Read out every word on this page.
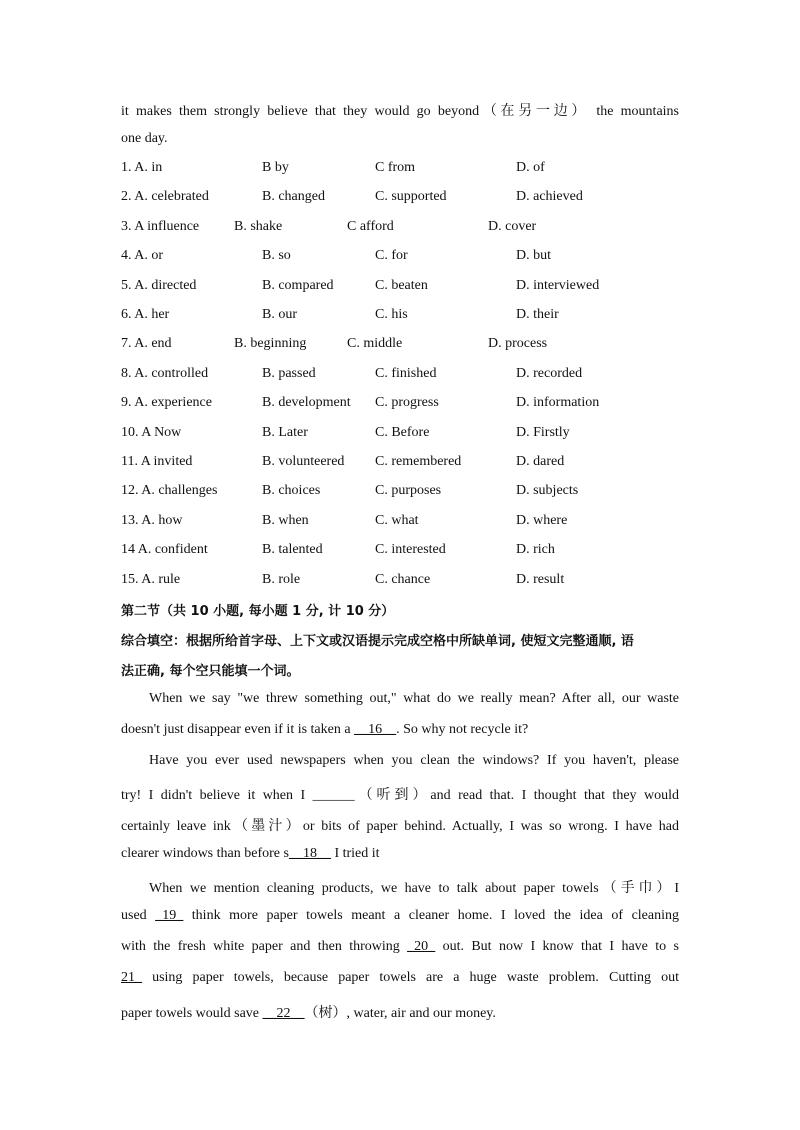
it makes them strongly believe that they would go beyond（在另一边） the mountains
one day.
1. A. in	B by	C from	D. of
2. A. celebrated	B. changed	C. supported	D. achieved
3. A influence B. shake	C afford	D. cover
4. A. or	B. so	C. for	D. but
5. A. directed	B. compared	C. beaten	D. interviewed
6. A. her	B. our	C. his	D. their
7. A. end	B. beginning	C. middle	D. process
8. A. controlled	B. passed	C. finished	D. recorded
9. A. experience	B. development C. progress	D. information
10. A Now	B. Later	C. Before	D. Firstly
11. A invited	B. volunteered C. remembered	D. dared
12. A. challenges	B. choices	C. purposes	D. subjects
13. A. how	B. when	C. what	D. where
14 A. confident	B. talented	C. interested	D. rich
15. A. rule	B. role	C. chance	D. result
第二节（共 10 小题, 每小题 1 分, 计 10 分）
综合填空：根据所给首字母、上下文或汉语提示完成空格中所缺单词, 使短文完整通顺, 语
法正确, 每个空只能填一个词。
When we say "we threw something out," what do we really mean? After all, our waste
doesn't just disappear even if it is taken a __16__. So why not recycle it?
Have you ever used newspapers when you clean the windows? If you haven't, please
try! I didn't believe it when I ______（听到）and read that. I thought that they would
certainly leave ink（墨汁）or bits of paper behind. Actually, I was so wrong. I have had
clearer windows than before s__18__ I tried it
When we mention cleaning products, we have to talk about paper towels（手巾）I
used _19_ think more paper towels meant a cleaner home. I loved the idea of cleaning
with the fresh white paper and then throwing _20_ out. But now I know that I have to s
21_ using paper towels, because paper towels are a huge waste problem. Cutting out
paper towels would save __22__（树）, water, air and our money.
